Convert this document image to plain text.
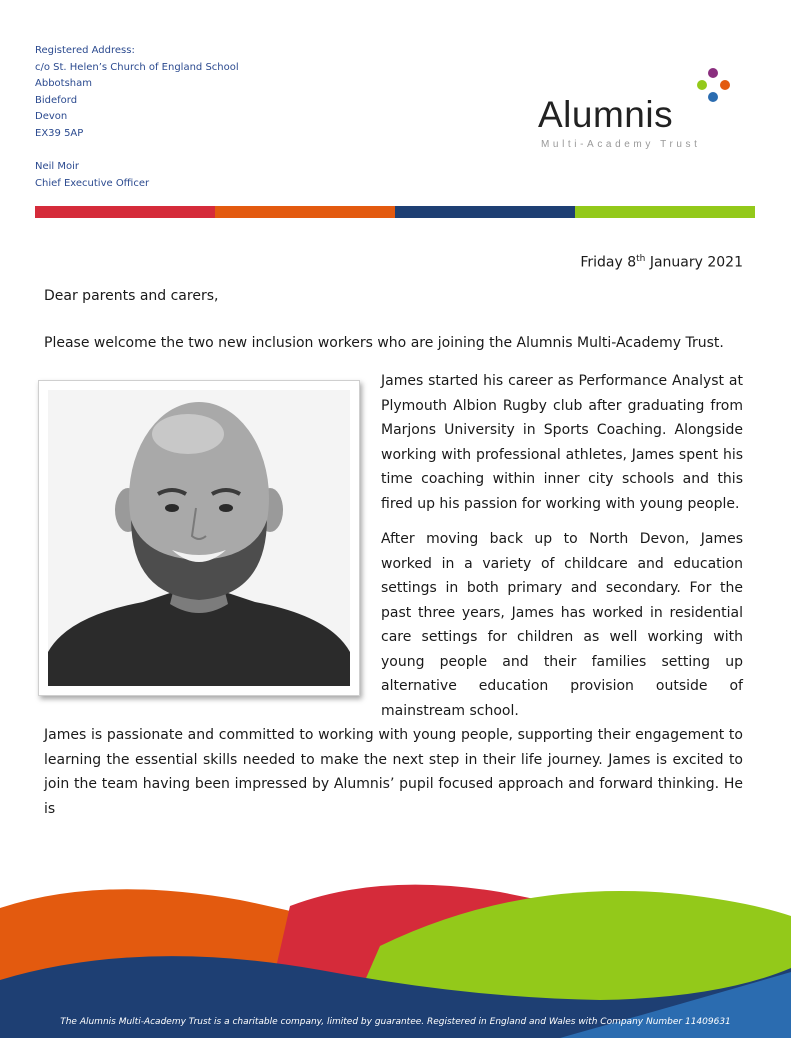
Registered Address:
c/o St. Helen’s Church of England School
Abbotsham
Bideford
Devon
EX39 5AP
Neil Moir
Chief Executive Officer
Alumnis
Multi-Academy Trust
Friday 8th January 2021
Dear parents and carers,
Please welcome the two new inclusion workers who are joining the Alumnis Multi-Academy Trust.
James started his career as Performance Analyst at Plymouth Albion Rugby club after graduating from Marjons University in Sports Coaching. Alongside working with professional athletes, James spent his time coaching within inner city schools and this fired up his passion for working with young people.
After moving back up to North Devon, James worked in a variety of childcare and education settings in both primary and secondary. For the past three years, James has worked in residential care settings for children as well working with young people and their families setting up alternative education provision outside of mainstream school.
James is passionate and committed to working with young people, supporting their engagement to learning the essential skills needed to make the next step in their life journey. James is excited to join the team having been impressed by Alumnis’ pupil focused approach and forward thinking. He is
The Alumnis Multi-Academy Trust is a charitable company, limited by guarantee. Registered in England and Wales with Company Number 11409631
